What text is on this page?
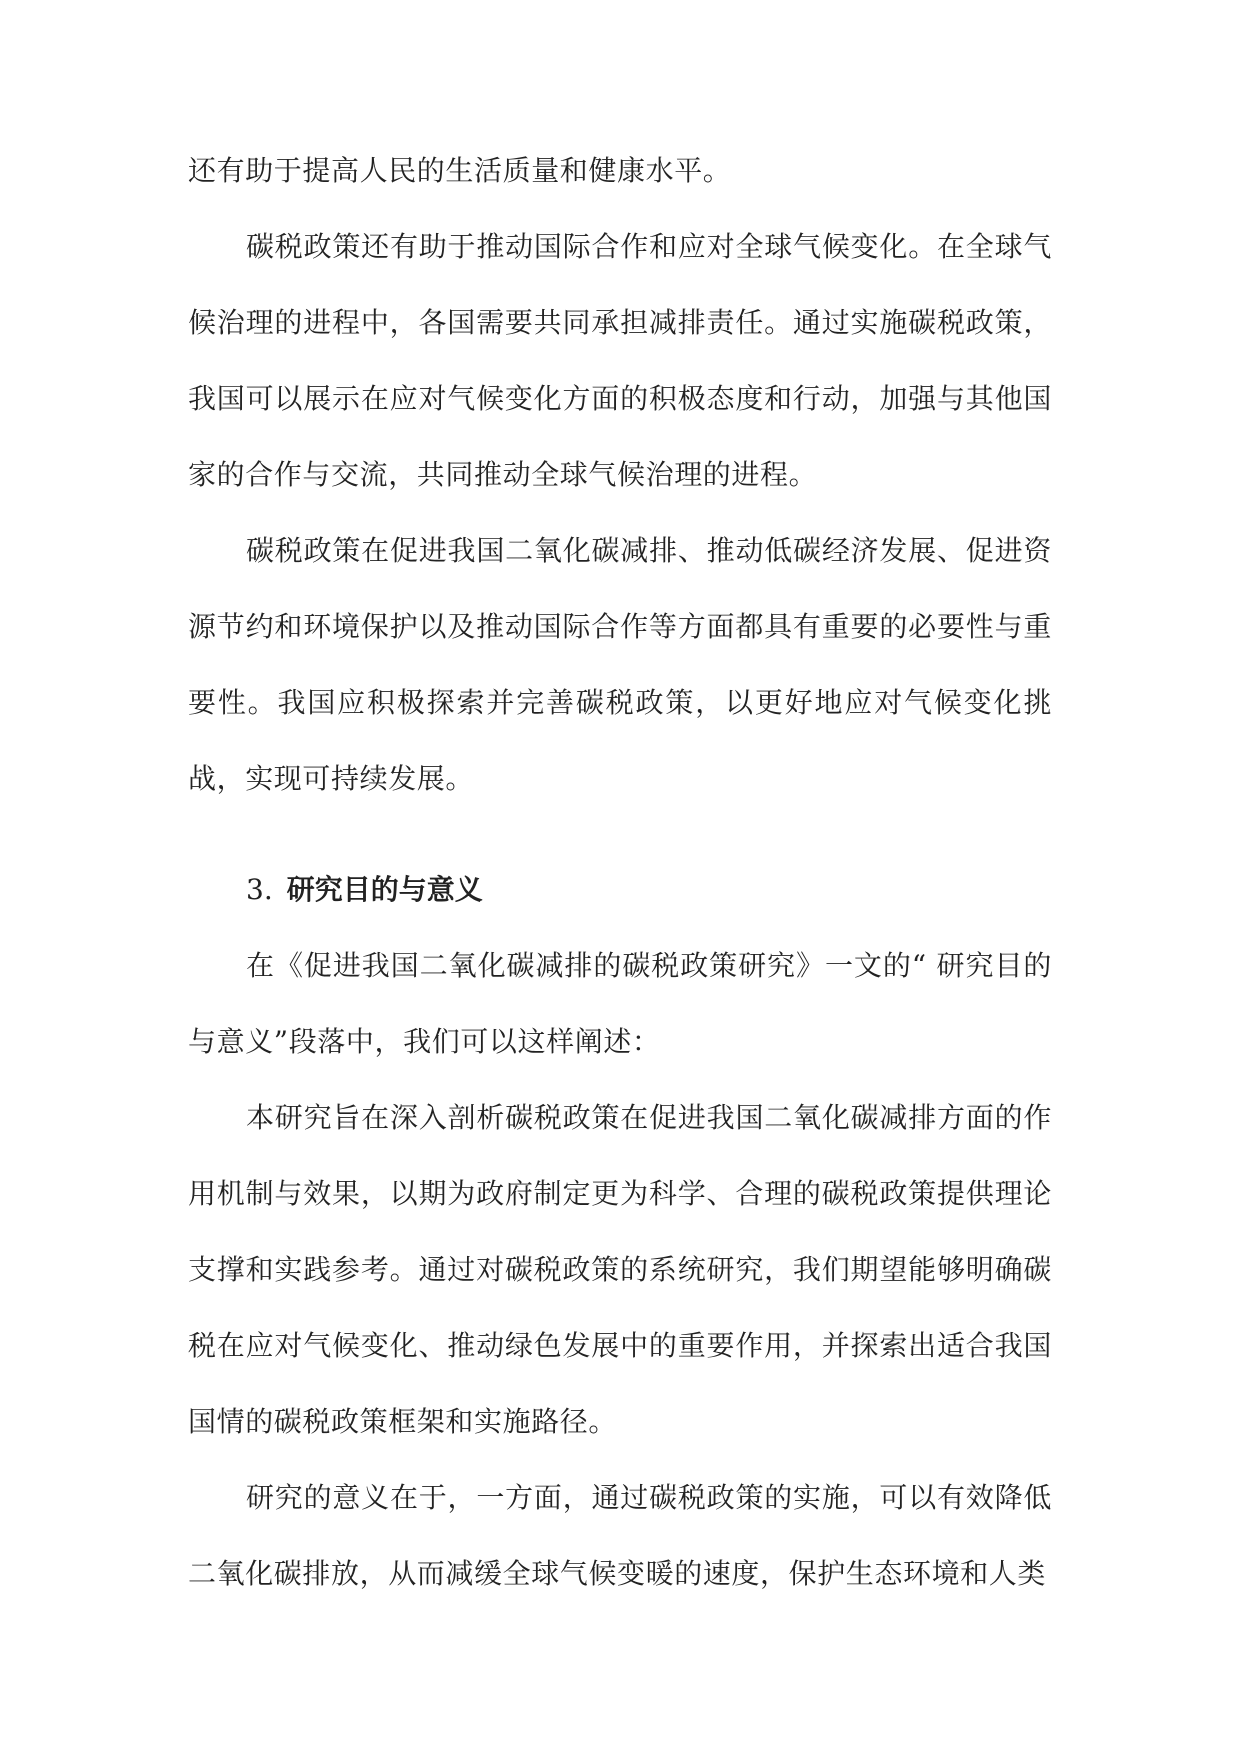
还有助于提高人民的生活质量和健康水平。

碳税政策还有助于推动国际合作和应对全球气候变化。在全球气候治理的进程中，各国需要共同承担减排责任。通过实施碳税政策，我国可以展示在应对气候变化方面的积极态度和行动，加强与其他国家的合作与交流，共同推动全球气候治理的进程。

碳税政策在促进我国二氧化碳减排、推动低碳经济发展、促进资源节约和环境保护以及推动国际合作等方面都具有重要的必要性与重要性。我国应积极探索并完善碳税政策，以更好地应对气候变化挑战，实现可持续发展。

3. 研究目的与意义

在《促进我国二氧化碳减排的碳税政策研究》一文的“ 研究目的与意义”段落中，我们可以这样阐述：

本研究旨在深入剖析碳税政策在促进我国二氧化碳减排方面的作用机制与效果，以期为政府制定更为科学、合理的碳税政策提供理论支撑和实践参考。通过对碳税政策的系统研究，我们期望能够明确碳税在应对气候变化、推动绿色发展中的重要作用，并探索出适合我国国情的碳税政策框架和实施路径。

研究的意义在于，一方面，通过碳税政策的实施，可以有效降低二氧化碳排放，从而减缓全球气候变暖的速度，保护生态环境和人类
